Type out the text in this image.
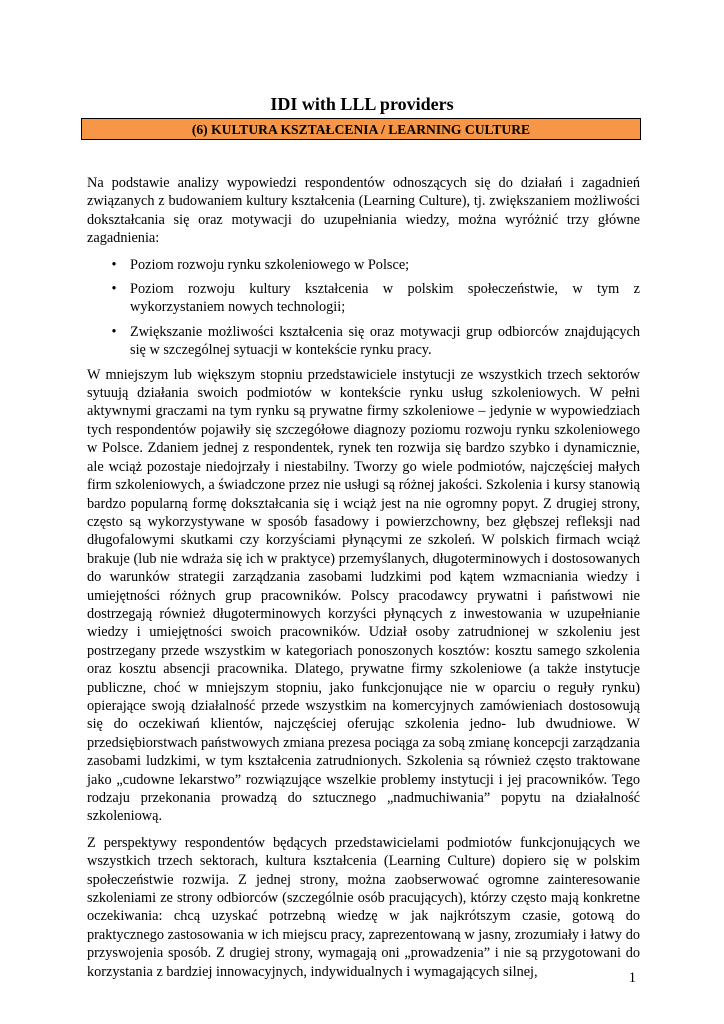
IDI with LLL providers
(6) KULTURA KSZTAŁCENIA / LEARNING CULTURE

Na podstawie analizy wypowiedzi respondentów odnoszących się do działań i zagadnień związanych z budowaniem kultury kształcenia (Learning Culture), tj. zwiększaniem możliwości dokształcania się oraz motywacji do uzupełniania wiedzy, można wyróżnić trzy główne zagadnienia:

• Poziom rozwoju rynku szkoleniowego w Polsce;
• Poziom rozwoju kultury kształcenia w polskim społeczeństwie, w tym z wykorzystaniem nowych technologii;
• Zwiększanie możliwości kształcenia się oraz motywacji grup odbiorców znajdujących się w szczególnej sytuacji w kontekście rynku pracy.

W mniejszym lub większym stopniu przedstawiciele instytucji ze wszystkich trzech sektorów sytuują działania swoich podmiotów w kontekście rynku usług szkoleniowych. W pełni aktywnymi graczami na tym rynku są prywatne firmy szkoleniowe – jedynie w wypowiedziach tych respondentów pojawiły się szczegółowe diagnozy poziomu rozwoju rynku szkoleniowego w Polsce. Zdaniem jednej z respondentek, rynek ten rozwija się bardzo szybko i dynamicznie, ale wciąż pozostaje niedojrzały i niestabilny. Tworzy go wiele podmiotów, najczęściej małych firm szkoleniowych, a świadczone przez nie usługi są różnej jakości. Szkolenia i kursy stanowią bardzo popularną formę dokształcania się i wciąż jest na nie ogromny popyt. Z drugiej strony, często są wykorzystywane w sposób fasadowy i powierzchowny, bez głębszej refleksji nad długofalowymi skutkami czy korzyściami płynącymi ze szkoleń. W polskich firmach wciąż brakuje (lub nie wdraża się ich w praktyce) przemyślanych, długoterminowych i dostosowanych do warunków strategii zarządzania zasobami ludzkimi pod kątem wzmacniania wiedzy i umiejętności różnych grup pracowników. Polscy pracodawcy prywatni i państwowi nie dostrzegają również długoterminowych korzyści płynących z inwestowania w uzupełnianie wiedzy i umiejętności swoich pracowników. Udział osoby zatrudnionej w szkoleniu jest postrzegany przede wszystkim w kategoriach ponoszonych kosztów: kosztu samego szkolenia oraz kosztu absencji pracownika. Dlatego, prywatne firmy szkoleniowe (a także instytucje publiczne, choć w mniejszym stopniu, jako funkcjonujące nie w oparciu o reguły rynku) opierające swoją działalność przede wszystkim na komercyjnych zamówieniach dostosowują się do oczekiwań klientów, najczęściej oferując szkolenia jedno- lub dwudniowe. W przedsiębiorstwach państwowych zmiana prezesa pociąga za sobą zmianę koncepcji zarządzania zasobami ludzkimi, w tym kształcenia zatrudnionych. Szkolenia są również często traktowane jako „cudowne lekarstwo” rozwiązujące wszelkie problemy instytucji i jej pracowników. Tego rodzaju przekonania prowadzą do sztucznego „nadmuchiwania” popytu na działalność szkoleniową.

Z perspektywy respondentów będących przedstawicielami podmiotów funkcjonujących we wszystkich trzech sektorach, kultura kształcenia (Learning Culture) dopiero się w polskim społeczeństwie rozwija. Z jednej strony, można zaobserwować ogromne zainteresowanie szkoleniami ze strony odbiorców (szczególnie osób pracujących), którzy często mają konkretne oczekiwania: chcą uzyskać potrzebną wiedzę w jak najkrótszym czasie, gotową do praktycznego zastosowania w ich miejscu pracy, zaprezentowaną w jasny, zrozumiały i łatwy do przyswojenia sposób. Z drugiej strony, wymagają oni „prowadzenia” i nie są przygotowani do korzystania z bardziej innowacyjnych, indywidualnych i wymagających silnej,	1
